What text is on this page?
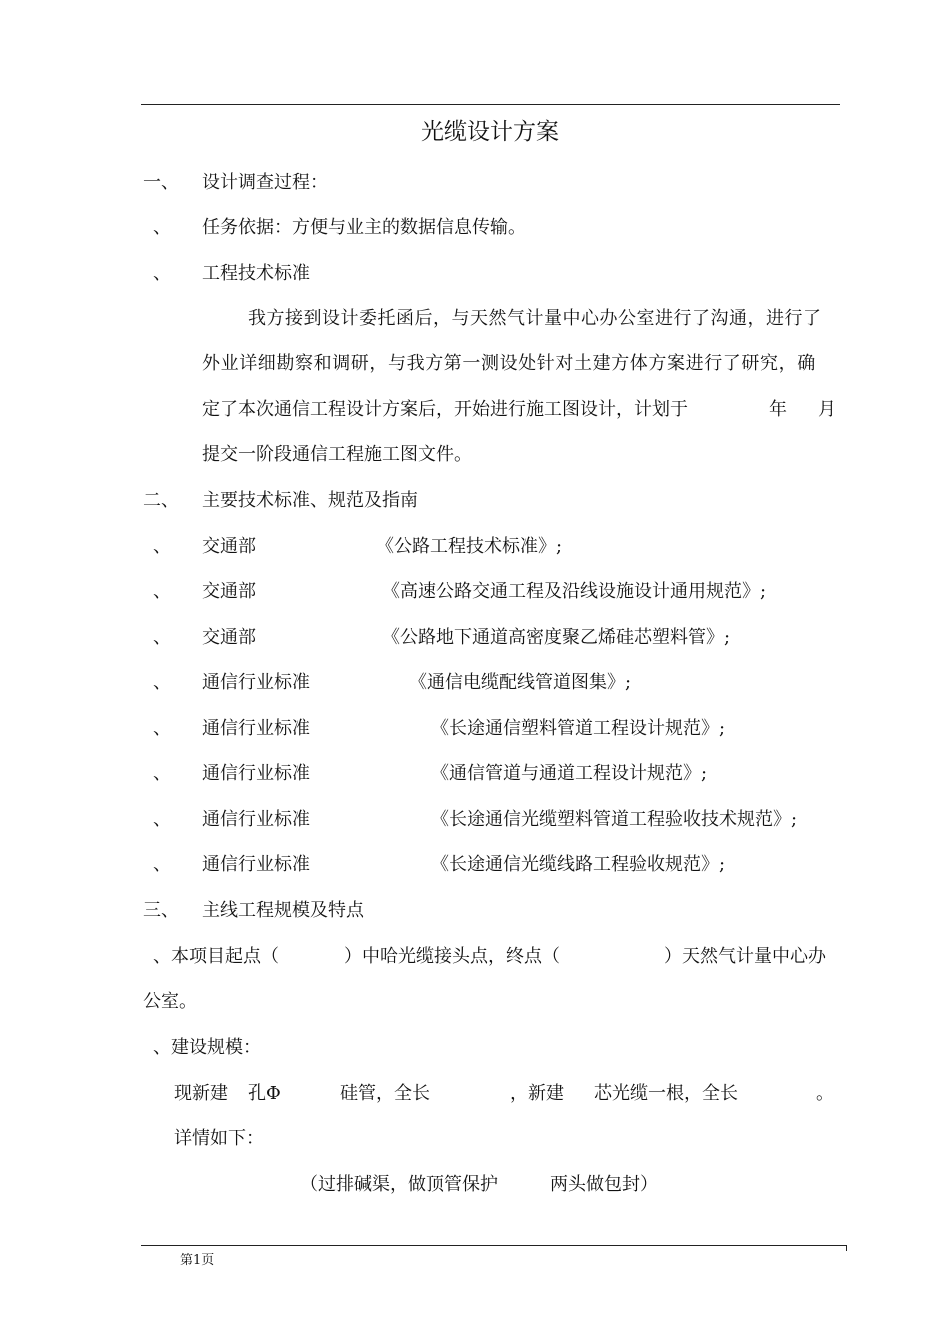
光缆设计方案
一、 设计调查过程：
、 任务依据：方便与业主的数据信息传输。
、 工程技术标准
我方接到设计委托函后，与天然气计量中心办公室进行了沟通，进行了
外业详细勘察和调研，与我方第一测设处针对土建方体方案进行了研究，确
定了本次通信工程设计方案后，开始进行施工图设计，计划于	年 月
提交一阶段通信工程施工图文件。
二、 主要技术标准、规范及指南
、 交通部	《公路工程技术标准》;
、 交通部	《高速公路交通工程及沿线设施设计通用规范》;
、 交通部	《公路地下通道高密度聚乙烯硅芯塑料管》;
、 通信行业标准	《通信电缆配线管道图集》;
、 通信行业标准	《长途通信塑料管道工程设计规范》;
、 通信行业标准	《通信管道与通道工程设计规范》;
、 通信行业标准	《长途通信光缆塑料管道工程验收技术规范》;
、 通信行业标准	《长途通信光缆线路工程验收规范》;
三、 主线工程规模及特点
、本项目起点（	）中哈光缆接头点，终点（	）天然气计量中心办
公室。
、建设规模：
现新建 孔Φ	硅管，全长	，新建 芯光缆一根，全长	。
详情如下：
（过排碱渠，做顶管保护	两头做包封）
第1页
